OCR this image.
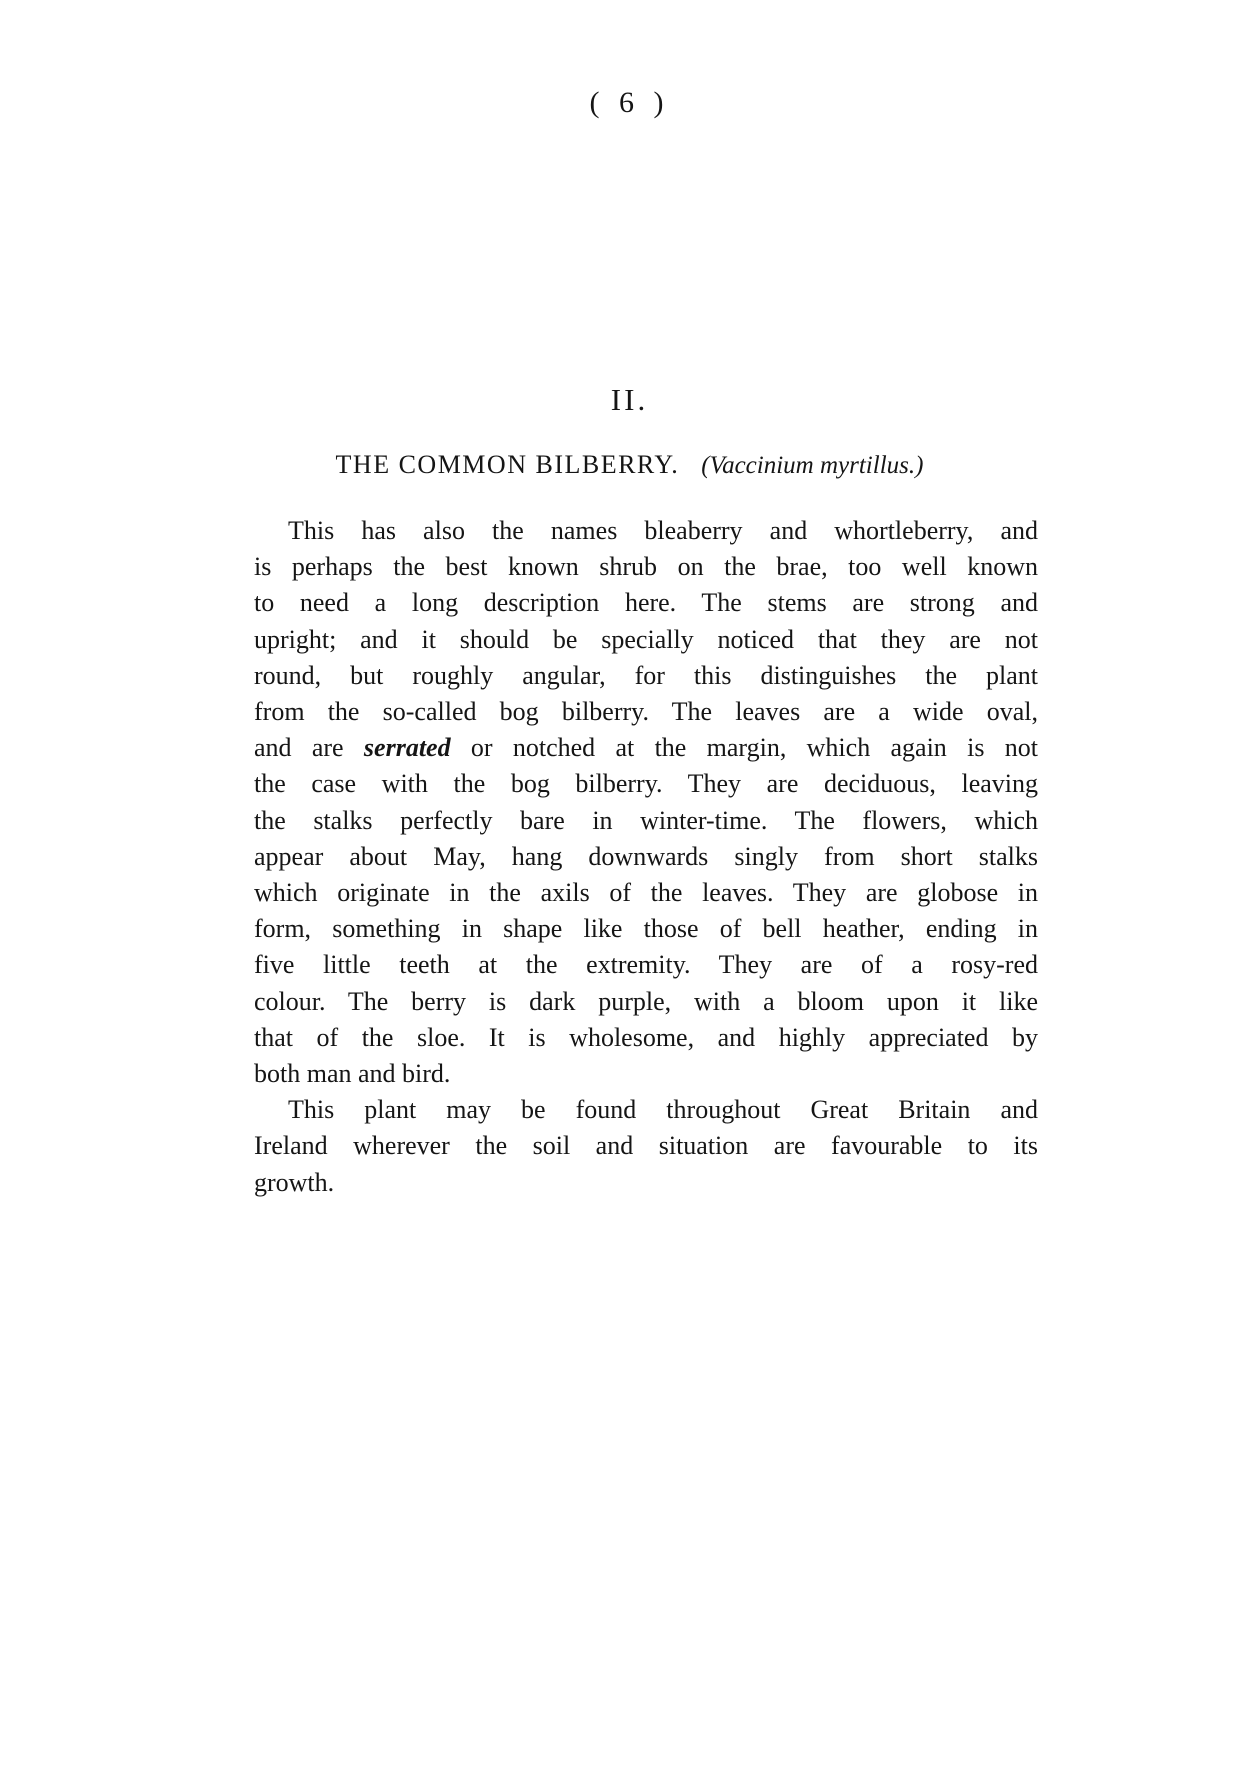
( 6 )
II.
THE COMMON BILBERRY. (Vaccinium myrtillus.)
This has also the names bleaberry and whortleberry, and
is perhaps the best known shrub on the brae, too well known
to need a long description here. The stems are strong and
upright; and it should be specially noticed that they are not
round, but roughly angular, for this distinguishes the plant
from the so-called bog bilberry. The leaves are a wide oval,
and are serrated or notched at the margin, which again is not
the case with the bog bilberry. They are deciduous, leaving
the stalks perfectly bare in winter-time. The flowers, which
appear about May, hang downwards singly from short stalks
which originate in the axils of the leaves. They are globose in
form, something in shape like those of bell heather, ending in
five little teeth at the extremity. They are of a rosy-red
colour. The berry is dark purple, with a bloom upon it like
that of the sloe. It is wholesome, and highly appreciated by
both man and bird.
This plant may be found throughout Great Britain and
Ireland wherever the soil and situation are favourable to its
growth.
